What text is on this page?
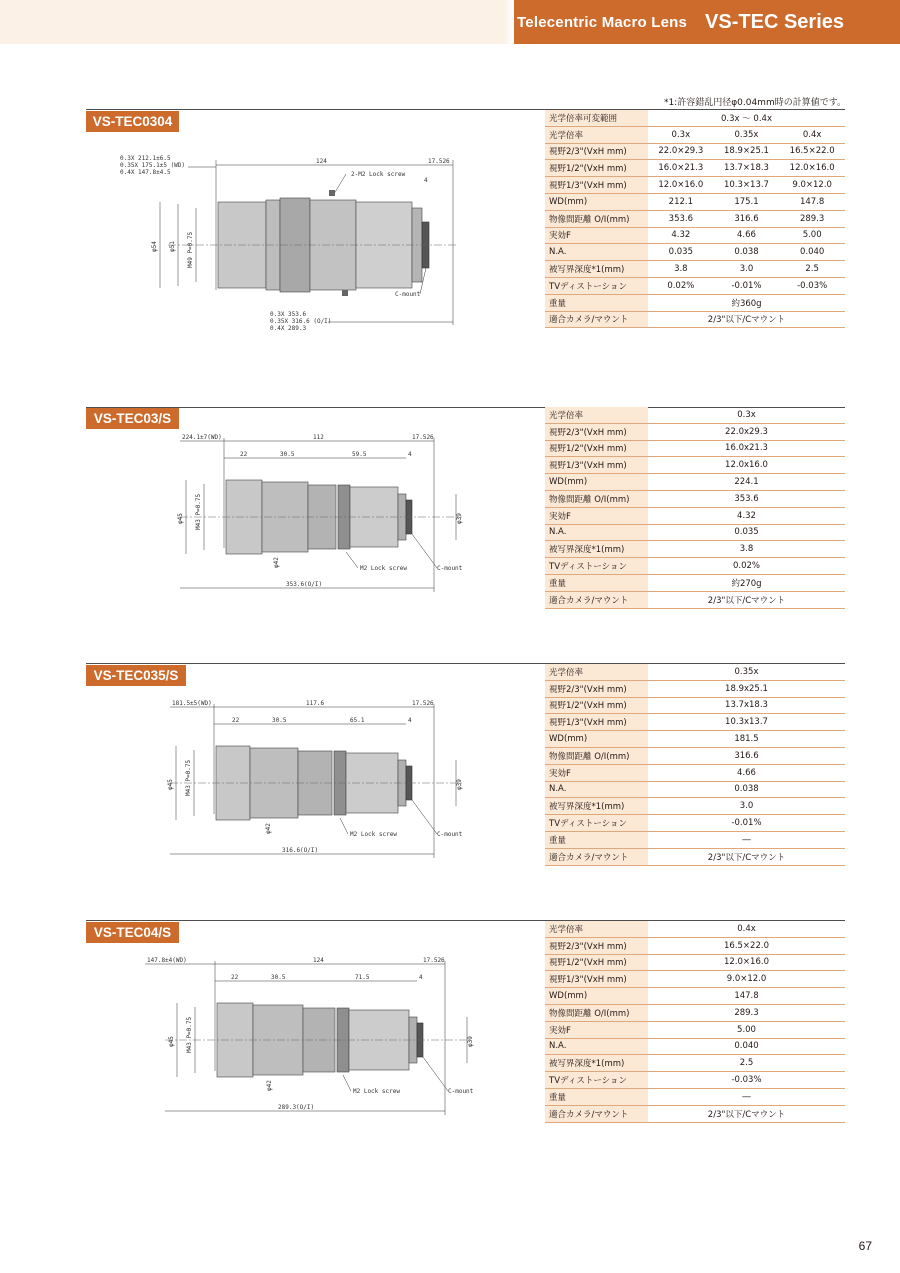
Telecentric Macro Lens VS-TEC Series
*1:許容錯乱円径φ0.04mm時の計算値です。
VS-TEC0304
0.3X 212.1±6.5
0.35X 175.1±5 (WD)
0.4X 147.8±4.5
124	17.526
4
2-M2 Lock screw
φ54 φ51 M49 P=0.75
C-mount
0.3X 353.6
0.35X 316.6 (O/I)
0.4X 289.3
光学倍率可変範囲	0.3x ～ 0.4x		
光学倍率	0.3x	0.35x	0.4x
視野2/3"(VxH mm)	22.0×29.3	18.9×25.1	16.5×22.0
視野1/2"(VxH mm)	16.0×21.3	13.7×18.3	12.0×16.0
視野1/3"(VxH mm)	12.0×16.0	10.3×13.7	9.0×12.0
WD(mm)	212.1	175.1	147.8
物像間距離 O/I(mm)	353.6	316.6	289.3
実効F	4.32	4.66	5.00
N.A.	0.035	0.038	0.040
被写界深度*1(mm)	3.8	3.0	2.5
TVディストーション	0.02%	-0.01%	-0.03%
重量	約360g		
適合カメラ/マウント	2/3"以下/Cマウント		
VS-TEC03/S
224.1±7(WD)	112	17.526
22	30.5	59.5	4
φ45 M43 P=0.75
φ42
φ39
M2 Lock screw	C-mount
353.6(O/I)
光学倍率	0.3x
視野2/3"(VxH mm)	22.0x29.3
視野1/2"(VxH mm)	16.0x21.3
視野1/3"(VxH mm)	12.0x16.0
WD(mm)	224.1
物像間距離 O/I(mm)	353.6
実効F	4.32
N.A.	0.035
被写界深度*1(mm)	3.8
TVディストーション	0.02%
重量	約270g
適合カメラ/マウント	2/3"以下/Cマウント
VS-TEC035/S
181.5±5(WD)	117.6	17.526
22	30.5	65.1	4
φ45 M43 P=0.75
φ42
φ39
M2 Lock screw	C-mount
316.6(O/I)
光学倍率	0.35x
視野2/3"(VxH mm)	18.9x25.1
視野1/2"(VxH mm)	13.7x18.3
視野1/3"(VxH mm)	10.3x13.7
WD(mm)	181.5
物像間距離 O/I(mm)	316.6
実効F	4.66
N.A.	0.038
被写界深度*1(mm)	3.0
TVディストーション	-0.01%
重量	―
適合カメラ/マウント	2/3"以下/Cマウント
VS-TEC04/S
147.8±4(WD)	124	17.526
22	30.5	71.5	4
φ45 M43 P=0.75
φ42
φ39
M2 Lock screw	C-mount
289.3(O/I)
光学倍率	0.4x
視野2/3"(VxH mm)	16.5×22.0
視野1/2"(VxH mm)	12.0×16.0
視野1/3"(VxH mm)	9.0×12.0
WD(mm)	147.8
物像間距離 O/I(mm)	289.3
実効F	5.00
N.A.	0.040
被写界深度*1(mm)	2.5
TVディストーション	-0.03%
重量	―
適合カメラ/マウント	2/3"以下/Cマウント
67
